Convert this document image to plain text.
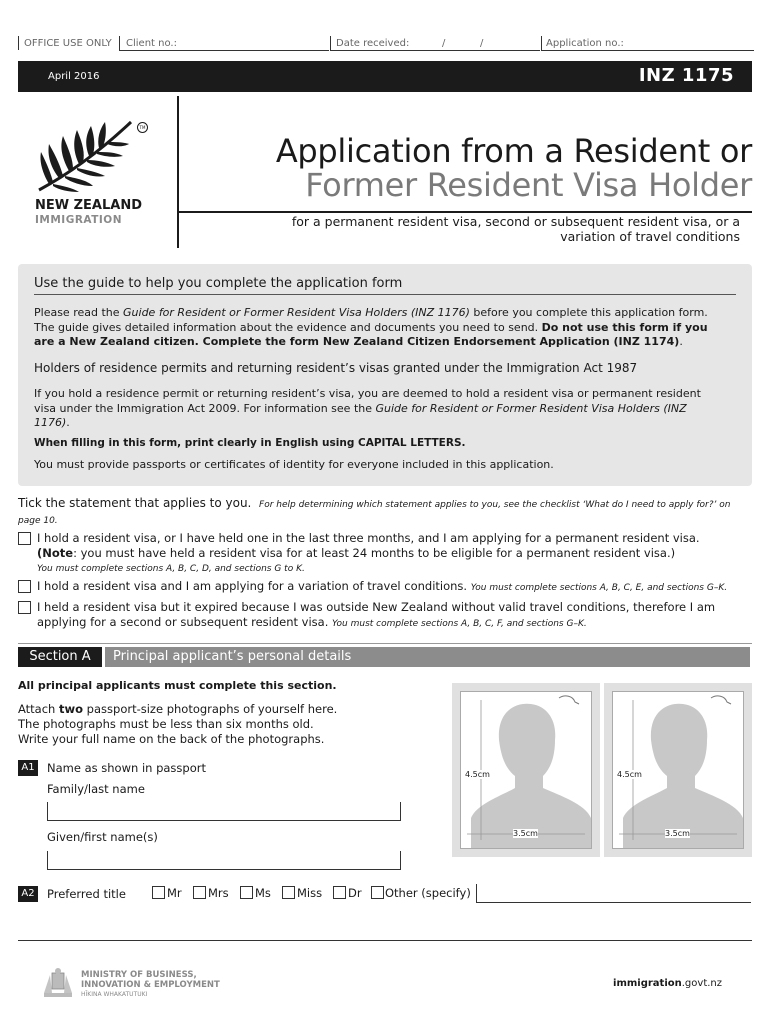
OFFICE USE ONLY Client no.:	Date received:	/	/	Application no.:
April 2016	INZ 1175
TM
NEW ZEALAND
IMMIGRATION
Application from a Resident or
Former Resident Visa Holder
for a permanent resident visa, second or subsequent resident visa, or a variation of travel conditions
Use the guide to help you complete the application form
Please read the Guide for Resident or Former Resident Visa Holders (INZ 1176) before you complete this application form. The guide gives detailed information about the evidence and documents you need to send. Do not use this form if you are a New Zealand citizen. Complete the form New Zealand Citizen Endorsement Application (INZ 1174).
Holders of residence permits and returning resident’s visas granted under the Immigration Act 1987
If you hold a residence permit or returning resident’s visa, you are deemed to hold a resident visa or permanent resident visa under the Immigration Act 2009. For information see the Guide for Resident or Former Resident Visa Holders (INZ 1176).
When filling in this form, print clearly in English using CAPITAL LETTERS.
You must provide passports or certificates of identity for everyone included in this application.
Tick the statement that applies to you. For help determining which statement applies to you, see the checklist ‘What do I need to apply for?’ on page 10.
I hold a resident visa, or I have held one in the last three months, and I am applying for a permanent resident visa.
(Note: you must have held a resident visa for at least 24 months to be eligible for a permanent resident visa.)
You must complete sections A, B, C, D, and sections G to K.
I hold a resident visa and I am applying for a variation of travel conditions. You must complete sections A, B, C, E, and sections G–K.
I held a resident visa but it expired because I was outside New Zealand without valid travel conditions, therefore I am applying for a second or subsequent resident visa. You must complete sections A, B, C, F, and sections G–K.
Section A	Principal applicant’s personal details
All principal applicants must complete this section.
Attach two passport-size photographs of yourself here.
The photographs must be less than six months old.
Write your full name on the back of the photographs.
A1 Name as shown in passport
Family/last name
Given/first name(s)
4.5cm
3.5cm
4.5cm
3.5cm
A2 Preferred title	Mr Mrs Ms Miss Dr Other (specify)
MINISTRY OF BUSINESS,
INNOVATION & EMPLOYMENT
HĪKINA WHAKATUTUKI
immigration.govt.nz
